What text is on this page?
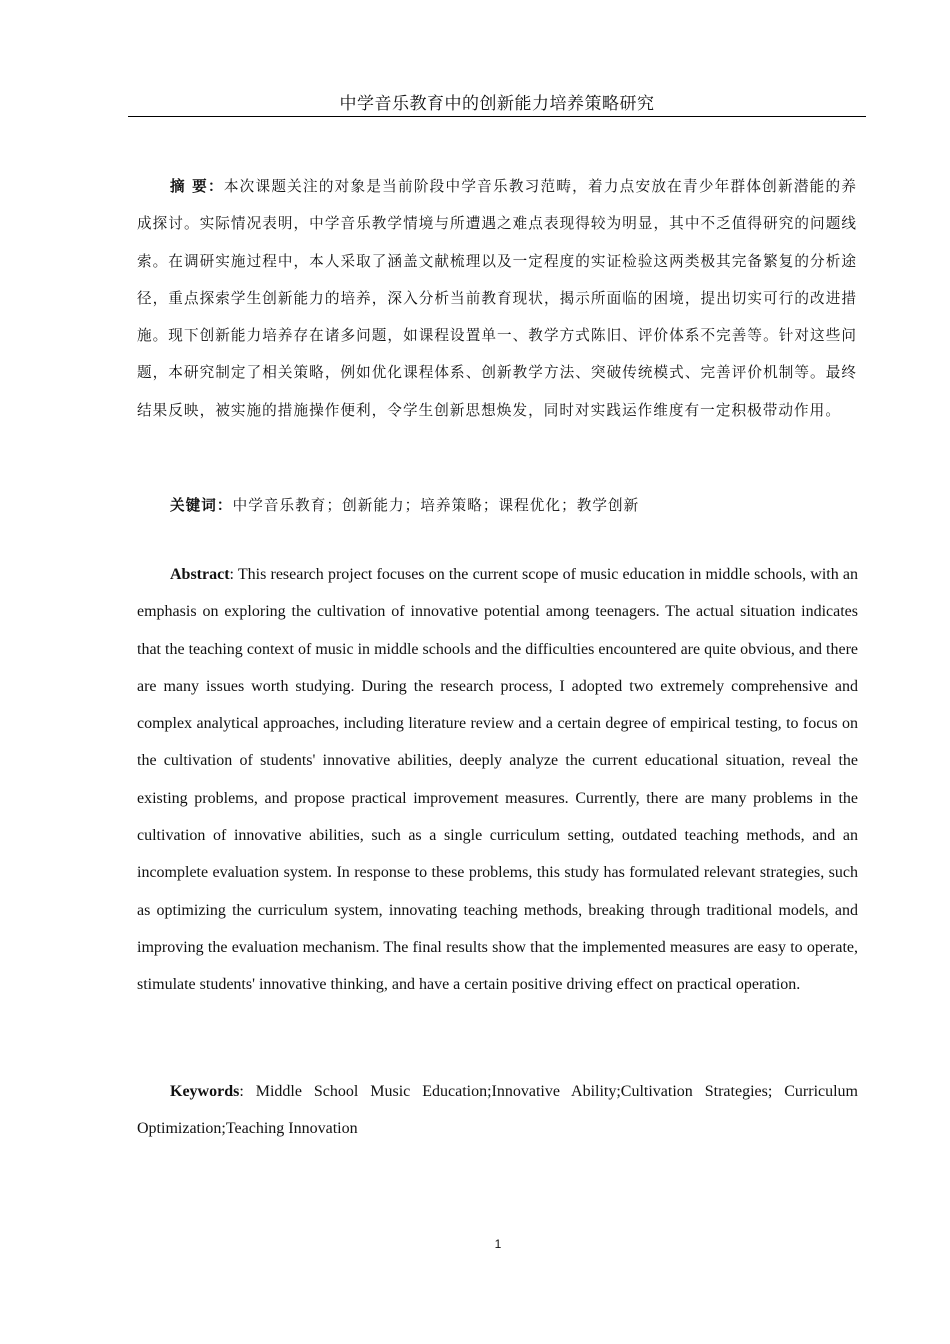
中学音乐教育中的创新能力培养策略研究

摘 要：本次课题关注的对象是当前阶段中学音乐教习范畴，着力点安放在青少年群体创新潜能的养成探讨。实际情况表明，中学音乐教学情境与所遭遇之难点表现得较为明显，其中不乏值得研究的问题线索。在调研实施过程中，本人采取了涵盖文献梳理以及一定程度的实证检验这两类极其完备繁复的分析途径，重点探索学生创新能力的培养，深入分析当前教育现状，揭示所面临的困境，提出切实可行的改进措施。现下创新能力培养存在诸多问题，如课程设置单一、教学方式陈旧、评价体系不完善等。针对这些问题，本研究制定了相关策略，例如优化课程体系、创新教学方法、突破传统模式、完善评价机制等。最终结果反映，被实施的措施操作便利，令学生创新思想焕发，同时对实践运作维度有一定积极带动作用。

关键词：中学音乐教育；创新能力；培养策略；课程优化；教学创新

Abstract: This research project focuses on the current scope of music education in middle schools, with an emphasis on exploring the cultivation of innovative potential among teenagers. The actual situation indicates that the teaching context of music in middle schools and the difficulties encountered are quite obvious, and there are many issues worth studying. During the research process, I adopted two extremely comprehensive and complex analytical approaches, including literature review and a certain degree of empirical testing, to focus on the cultivation of students' innovative abilities, deeply analyze the current educational situation, reveal the existing problems, and propose practical improvement measures. Currently, there are many problems in the cultivation of innovative abilities, such as a single curriculum setting, outdated teaching methods, and an incomplete evaluation system. In response to these problems, this study has formulated relevant strategies, such as optimizing the curriculum system, innovating teaching methods, breaking through traditional models, and improving the evaluation mechanism. The final results show that the implemented measures are easy to operate, stimulate students' innovative thinking, and have a certain positive driving effect on practical operation.

Keywords: Middle School Music Education;Innovative Ability;Cultivation Strategies; Curriculum Optimization;Teaching Innovation

1
